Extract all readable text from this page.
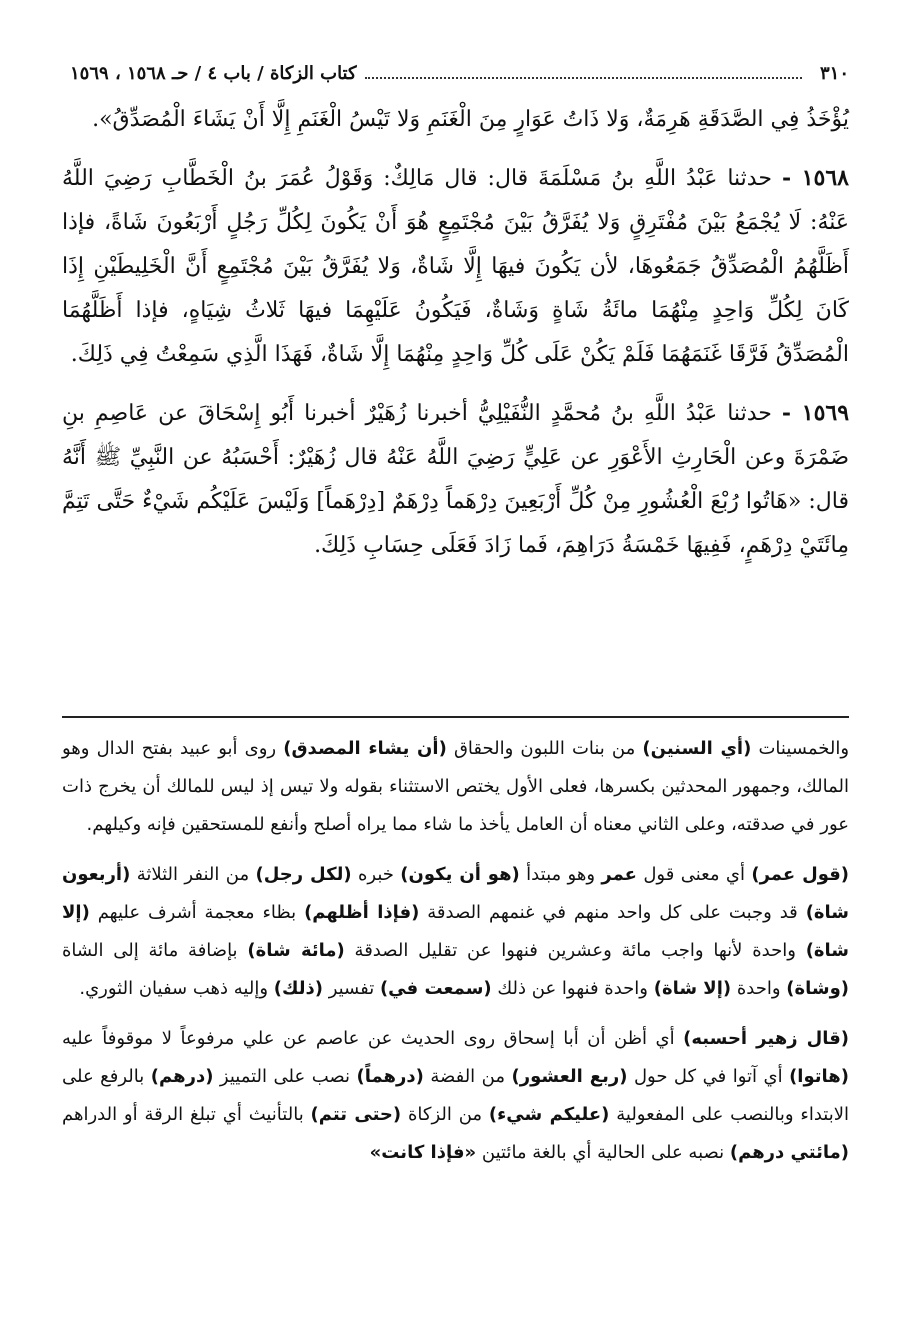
٣١٠
كتاب الزكاة / باب ٤ / حـ ١٥٦٨ ، ١٥٦٩

يُؤْخَذُ فِي الصَّدَقَةِ هَرِمَةٌ، وَلا ذَاتُ عَوَارٍ مِنَ الْغَنَمِ وَلا تَيْسُ الْغَنَمِ إِلَّا أَنْ يَشَاءَ الْمُصَدِّقُ».

١٥٦٨ - حدثنا عَبْدُ اللَّهِ بنُ مَسْلَمَةَ قال: قال مَالِكٌ: وَقَوْلُ عُمَرَ بنُ الْخَطَّابِ رَضِيَ اللَّهُ عَنْهُ: لَا يُجْمَعُ بَيْنَ مُفْتَرِقٍ وَلا يُفَرَّقُ بَيْنَ مُجْتَمِعٍ هُوَ أَنْ يَكُونَ لِكُلِّ رَجُلٍ أَرْبَعُونَ شَاةً، فإذا أَظَلَّهُمُ الْمُصَدِّقُ جَمَعُوهَا، لأن يَكُونَ فيهَا إِلَّا شَاةٌ، وَلا يُفَرَّقُ بَيْنَ مُجْتَمِعٍ أَنَّ الْخَلِيطَيْنِ إِذَا كَانَ لِكُلِّ وَاحِدٍ مِنْهُمَا مائَةُ شَاةٍ وَشَاةٌ، فَيَكُونُ عَلَيْهِمَا فيهَا ثَلاثُ شِيَاهٍ، فإذا أَظَلَّهُمَا الْمُصَدِّقُ فَرَّقَا غَنَمَهُمَا فَلَمْ يَكُنْ عَلَى كُلِّ وَاحِدٍ مِنْهُمَا إِلَّا شَاةٌ، فَهَذَا الَّذِي سَمِعْتُ فِي ذَلِكَ.

١٥٦٩ - حدثنا عَبْدُ اللَّهِ بنُ مُحمَّدٍ النُّفَيْلِيُّ أخبرنا زُهَيْرٌ أخبرنا أَبُو إِسْحَاقَ عن عَاصِمِ بنِ ضَمْرَةَ وعن الْحَارِثِ الأَعْوَرِ عن عَلِيٍّ رَضِيَ اللَّهُ عَنْهُ قال زُهَيْرٌ: أَحْسَبُهُ عن النَّبِيِّ ﷺ أَنَّهُ قال: «هَاتُوا رُبْعَ الْعُشُورِ مِنْ كُلِّ أَرْبَعِينَ دِرْهَماً دِرْهَمٌ [دِرْهَماً] وَلَيْسَ عَلَيْكُم شَيْءٌ حَتَّى تَتِمَّ مِائَتَيْ دِرْهَمٍ، فَفِيهَا خَمْسَةُ دَرَاهِمَ، فَما زَادَ فَعَلَى حِسَابِ ذَلِكَ.

والخمسينات (أي السنين) من بنات اللبون والحقاق (أن يشاء المصدق) روى أبو عبيد بفتح الدال وهو المالك، وجمهور المحدثين بكسرها، فعلى الأول يختص الاستثناء بقوله ولا تيس إذ ليس للمالك أن يخرج ذات عور في صدقته، وعلى الثاني معناه أن العامل يأخذ ما شاء مما يراه أصلح وأنفع للمستحقين فإنه وكيلهم.

(قول عمر) أي معنى قول عمر وهو مبتدأ (هو أن يكون) خبره (لكل رجل) من النفر الثلاثة (أربعون شاة) قد وجبت على كل واحد منهم في غنمهم الصدقة (فإذا أظلهم) بظاء معجمة أشرف عليهم (إلا شاة) واحدة لأنها واجب مائة وعشرين فنهوا عن تقليل الصدقة (مائة شاة) بإضافة مائة إلى الشاة (وشاة) واحدة (إلا شاة) واحدة فنهوا عن ذلك (سمعت في) تفسير (ذلك) وإليه ذهب سفيان الثوري.

(قال زهير أحسبه) أي أظن أن أبا إسحاق روى الحديث عن عاصم عن علي مرفوعاً لا موقوفاً عليه (هاتوا) أي آتوا في كل حول (ربع العشور) من الفضة (درهماً) نصب على التمييز (درهم) بالرفع على الابتداء وبالنصب على المفعولية (عليكم شيء) من الزكاة (حتى تتم) بالتأنيث أي تبلغ الرقة أو الدراهم (مائتي درهم) نصبه على الحالية أي بالغة مائتين «فإذا كانت»
